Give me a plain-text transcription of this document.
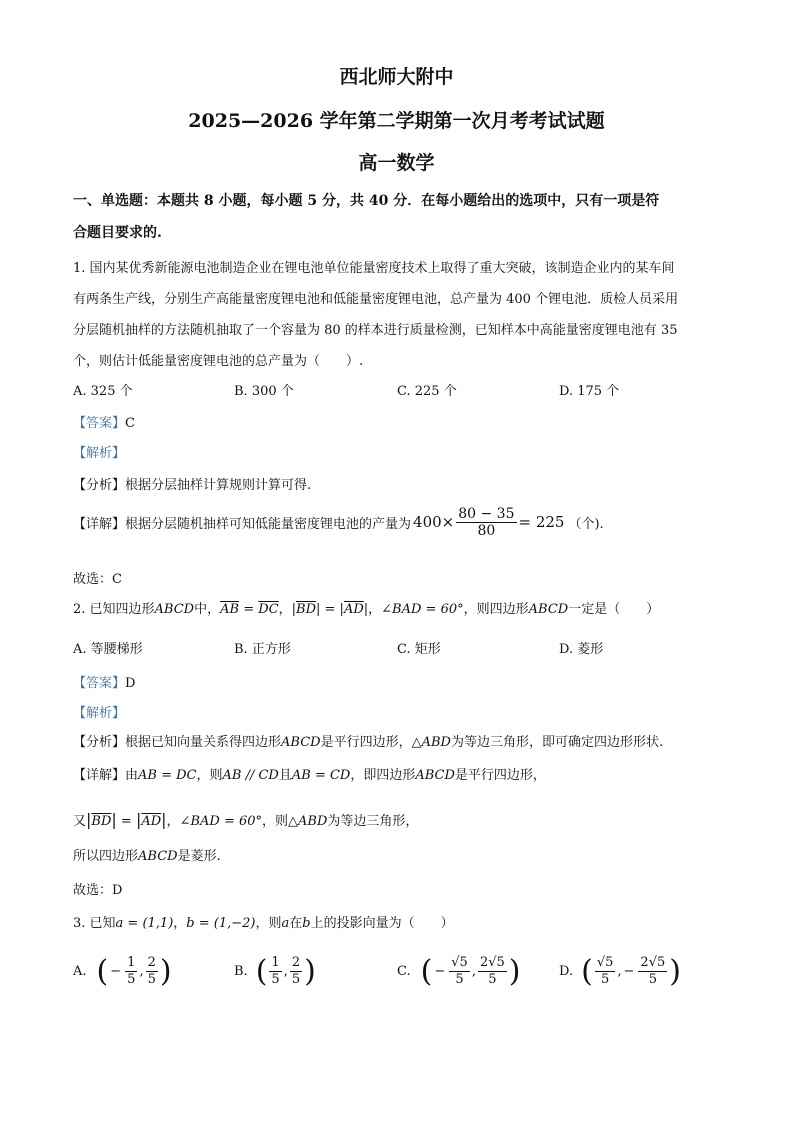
西北师大附中
2025—2026 学年第二学期第一次月考考试试题
高一数学
一、单选题：本题共 8 小题，每小题 5 分，共 40 分．在每小题给出的选项中，只有一项是符
合题目要求的.
1. 国内某优秀新能源电池制造企业在锂电池单位能量密度技术上取得了重大突破，该制造企业内的某车间
有两条生产线，分别生产高能量密度锂电池和低能量密度锂电池，总产量为 400 个锂电池．质检人员采用
分层随机抽样的方法随机抽取了一个容量为 80 的样本进行质量检测，已知样本中高能量密度锂电池有 35
个，则估计低能量密度锂电池的总产量为（　　）.
A. 325 个	B. 300 个	C. 225 个	D. 175 个
【答案】C
【解析】
【分析】根据分层抽样计算规则计算可得.
【详解】 根据分层随机抽样可知低能量密度锂电池的产量为 $400\times \frac{80 - 35}{80} = 225$ （个).
故选：C
2. 已知四边形ABCD中，$\overline{AB} = \overline{DC}$，$|\overline{BD}| = |\overline{AD}|$，∠BAD = 60°，则四边形ABCD一定是（　　）
A. 等腰梯形	B. 正方形	C. 矩形	D. 菱形
【答案】D
【解析】
【分析】根据已知向量关系得四边形ABCD是平行四边形，△ABD为等边三角形，即可确定四边形形状.
【详解】由AB = DC，则AB // CD且AB = CD，即四边形ABCD是平行四边形，
又$|\overline{BD}| = |\overline{AD}|$，∠BAD = 60°，则△ABD为等边三角形，
所以四边形ABCD是菱形.
故选：D
3. 已知a = (1,1)，b = (1,−2)，则a在b上的投影向量为（　　）
A. ( − $\frac{1}{5}$ , $\frac{2}{5}$ )	B. ( $\frac{1}{5}$ , $\frac{2}{5}$ )	C. ( − $\frac{√5}{5}$ , $\frac{2√5}{5}$ )	D. ( $\frac{√5}{5}$ , − $\frac{2√5}{5}$ )
